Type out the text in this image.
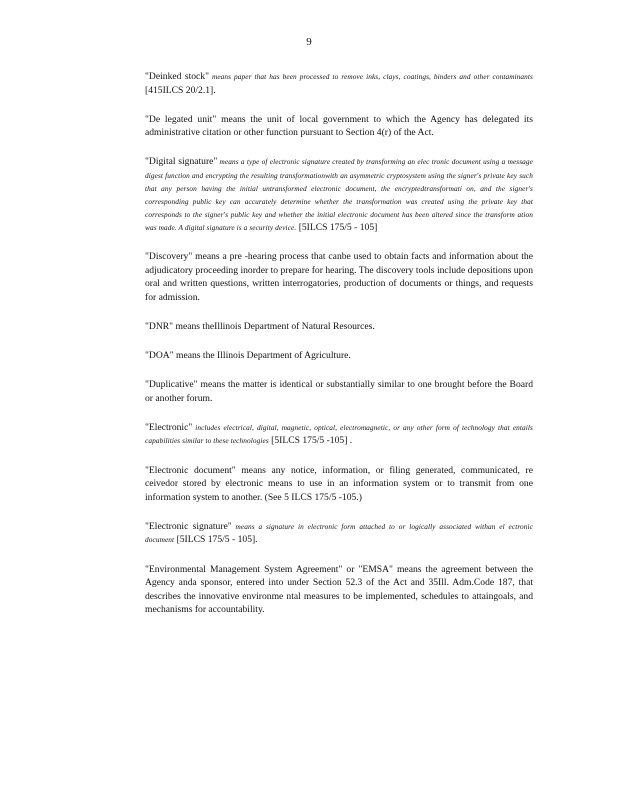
9

"Deinked stock" means paper that has been processed to remove inks, clays, coatings, binders and other contaminants [415ILCS 20/2.1].

"De legated unit" means the unit of local government to which the Agency has delegated its administrative citation or other function pursuant to Section 4(r) of the Act.

"Digital signature" means a type of electronic signature created by transforming an elec tronic document using a message digest function and encrypting the resulting transformationwith an asymmetric cryptosystem using the signer's private key such that any person having the initial untransformed electronic document, the encryptedtransformati on, and the signer's corresponding public key can accurately determine whether the transformation was created using the private key that corresponds to the signer's public key and whether the initial electronic document has been altered since the transform ation was made. A digital signature is a security device. [5ILCS 175/5 - 105]

"Discovery" means a pre -hearing process that canbe used to obtain facts and information about the adjudicatory proceeding inorder to prepare for hearing. The discovery tools include depositions upon oral and written questions, written interrogatories, production of documents or things, and requests for admission.

"DNR" means theIllinois Department of Natural Resources.

"DOA" means the Illinois Department of Agriculture.

"Duplicative" means the matter is identical or substantially similar to one brought before the Board or another forum.

"Electronic" includes electrical, digital, magnetic, optical, electromagnetic, or any other form of technology that entails capabilities similar to these technologies [5ILCS 175/5 -105] .

"Electronic document" means any notice, information, or filing generated, communicated, re ceivedor stored by electronic means to use in an information system or to transmit from one information system to another. (See 5 ILCS 175/5 -105.)

"Electronic signature" means a signature in electronic form attached to or logically associated withan el ectronic document [5ILCS 175/5 - 105].

"Environmental Management System Agreement" or "EMSA" means the agreement between the Agency anda sponsor, entered into under Section 52.3 of the Act and 35Ill. Adm.Code 187, that describes the innovative environme ntal measures to be implemented, schedules to attaingoals, and mechanisms for accountability.
